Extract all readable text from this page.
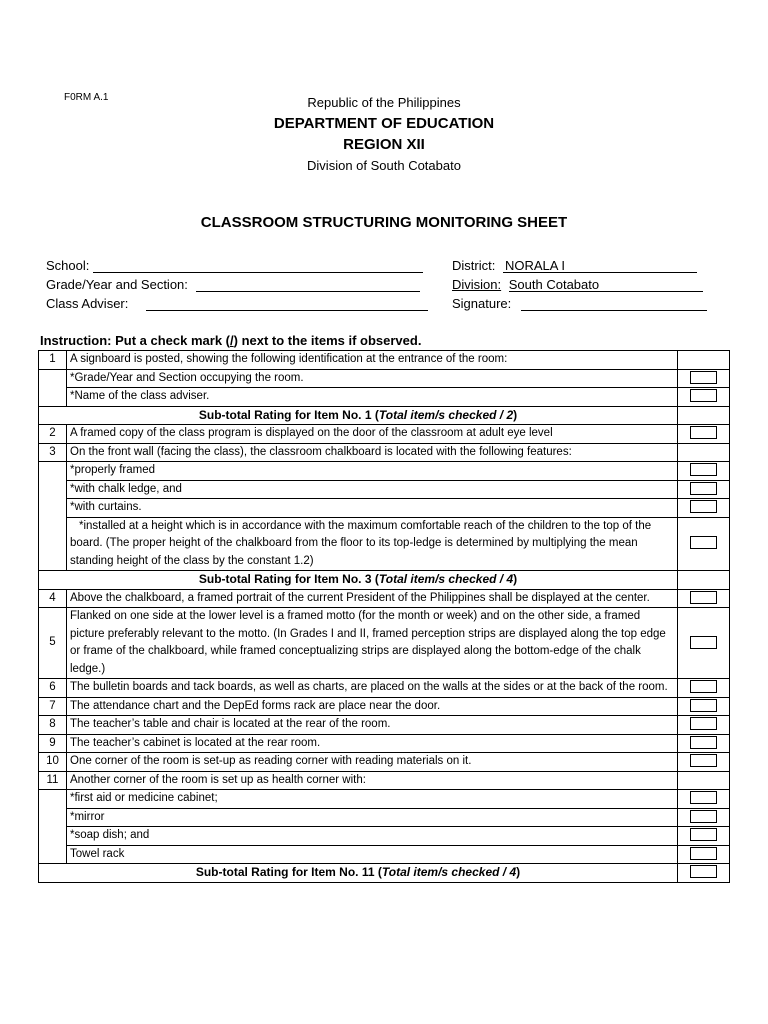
F0RM A.1	Republic of the Philippines
DEPARTMENT OF EDUCATION
REGION XII
Division of South Cotabato
CLASSROOM STRUCTURING MONITORING SHEET
School:
Grade/Year and Section:
Class Adviser:
District: NORALA I
Division: South Cotabato
Signature:
Instruction: Put a check mark (/) next to the items if observed.
1	A signboard is posted, showing the following identification at the entrance of the room:	
	*Grade/Year and Section occupying the room.	
	*Name of the class adviser.	
Sub-total Rating for Item No. 1 (Total item/s checked / 2)		
2	A framed copy of the class program is displayed on the door of the classroom at adult eye level	
3	On the front wall (facing the class), the classroom chalkboard is located with the following features:	
	*properly framed	
	*with chalk ledge, and	
	*with curtains.	
	*installed at a height which is in accordance with the maximum comfortable reach of the children to the top of the board. (The proper height of the chalkboard from the floor to its top-ledge is determined by multiplying the mean standing height of the class by the constant 1.2)	
Sub-total Rating for Item No. 3 (Total item/s checked / 4)		
4	Above the chalkboard, a framed portrait of the current President of the Philippines shall be displayed at the center.	
5	Flanked on one side at the lower level is a framed motto (for the month or week) and on the other side, a framed picture preferably relevant to the motto. (In Grades I and II, framed perception strips are displayed along the top edge or frame of the chalkboard, while framed conceptualizing strips are displayed along the bottom-edge of the chalk ledge.)	
6	The bulletin boards and tack boards, as well as charts, are placed on the walls at the sides or at the back of the room.	
7	The attendance chart and the DepEd forms rack are place near the door.	
8	The teacher’s table and chair is located at the rear of the room.	
9	The teacher’s cabinet is located at the rear room.	
10	One corner of the room is set-up as reading corner with reading materials on it.	
11	Another corner of the room is set up as health corner with:	
	*first aid or medicine cabinet;	
	*mirror	
	*soap dish; and	
	Towel rack	
Sub-total Rating for Item No. 11 (Total item/s checked / 4)		
